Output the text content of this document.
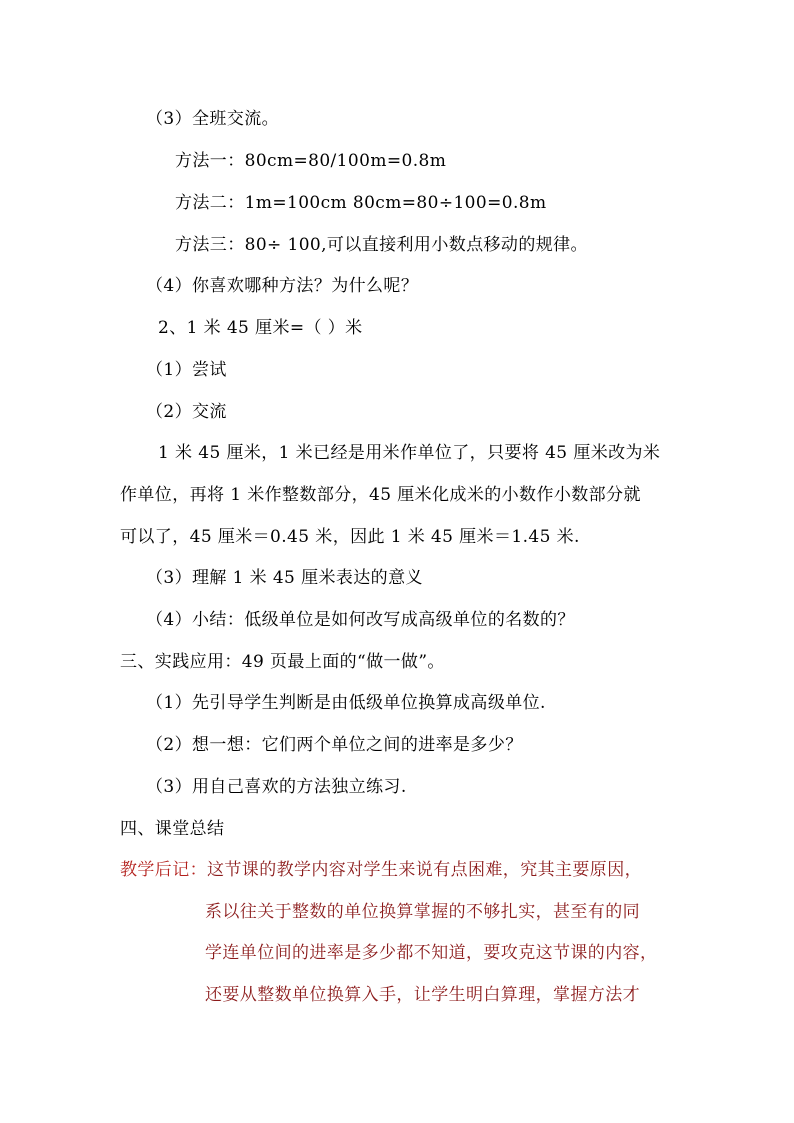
（3）全班交流。
方法一：80cm=80/100m=0.8m
方法二：1m=100cm 80cm=80÷100=0.8m
方法三：80÷ 100,可以直接利用小数点移动的规律。
（4）你喜欢哪种方法？为什么呢？
2、1 米 45 厘米=（ ）米
（1）尝试
（2）交流
1 米 45 厘米，1 米已经是用米作单位了，只要将 45 厘米改为米
作单位，再将 1 米作整数部分，45 厘米化成米的小数作小数部分就
可以了，45 厘米＝0.45 米，因此 1 米 45 厘米＝1.45 米.
（3）理解 1 米 45 厘米表达的意义
（4）小结：低级单位是如何改写成高级单位的名数的？
三、实践应用：49 页最上面的“做一做”。
（1）先引导学生判断是由低级单位换算成高级单位.
（2）想一想：它们两个单位之间的进率是多少？
（3）用自己喜欢的方法独立练习.
四、课堂总结
教学后记：这节课的教学内容对学生来说有点困难，究其主要原因，
系以往关于整数的单位换算掌握的不够扎实，甚至有的同
学连单位间的进率是多少都不知道，要攻克这节课的内容，
还要从整数单位换算入手，让学生明白算理，掌握方法才
